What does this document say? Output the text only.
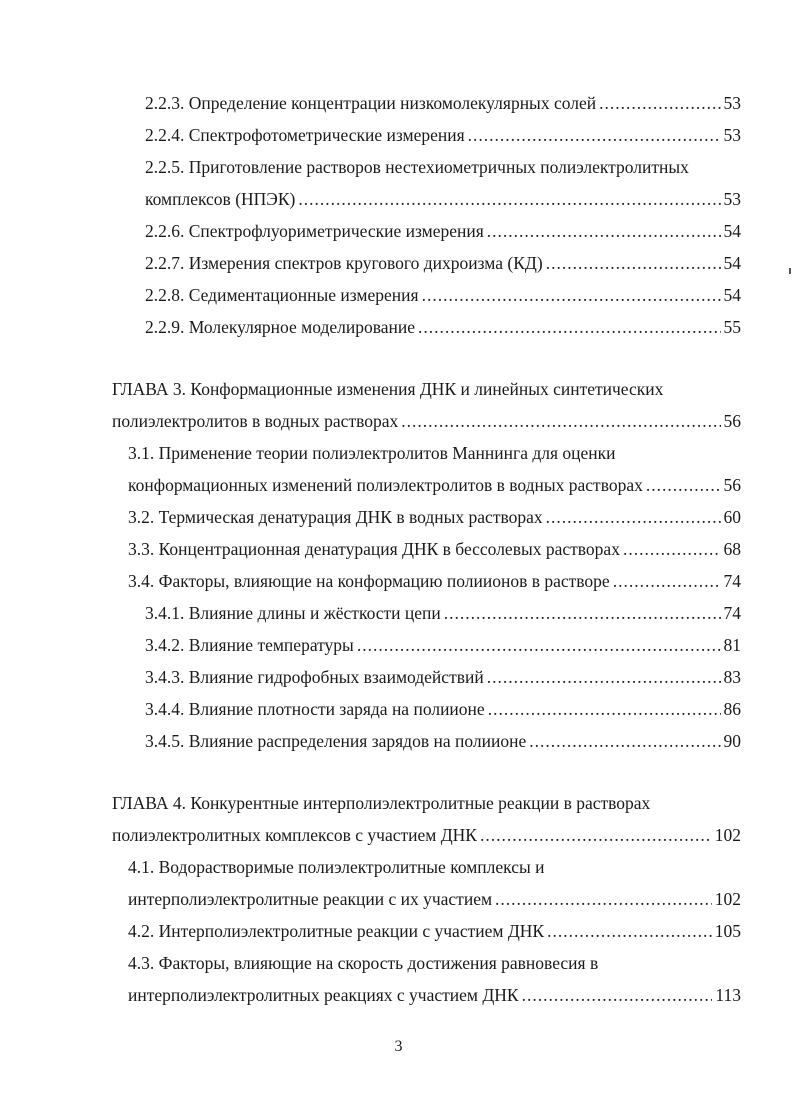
2.2.3. Определение концентрации низкомолекулярных солей .....	53
2.2.4. Спектрофотометрические измерения .....	53
2.2.5. Приготовление растворов нестехиометричных полиэлектролитных
комплексов (НПЭК) .....	53
2.2.6. Спектрофлуориметрические измерения .....	54
2.2.7. Измерения спектров кругового дихроизма (КД) .....	54
2.2.8. Седиментационные измерения .....	54
2.2.9. Молекулярное моделирование .....	55
ГЛАВА 3. Конформационные изменения ДНК и линейных синтетических
полиэлектролитов в водных растворах .....	56
3.1. Применение теории полиэлектролитов Маннинга для оценки
конформационных изменений полиэлектролитов в водных растворах .....	56
3.2. Термическая денатурация ДНК в водных растворах .....	60
3.3. Концентрационная денатурация ДНК в бессолевых растворах .....	68
3.4. Факторы, влияющие на конформацию полиионов в растворе .....	74
3.4.1. Влияние длины и жёсткости цепи .....	74
3.4.2. Влияние температуры .....	81
3.4.3. Влияние гидрофобных взаимодействий .....	83
3.4.4. Влияние плотности заряда на полиионе .....	86
3.4.5. Влияние распределения зарядов на полиионе .....	90
ГЛАВА 4. Конкурентные интерполиэлектролитные реакции в растворах
полиэлектролитных комплексов с участием ДНК .....	102
4.1. Водорастворимые полиэлектролитные комплексы и
интерполиэлектролитные реакции с их участием .....	102
4.2. Интерполиэлектролитные реакции с участием ДНК .....	105
4.3. Факторы, влияющие на скорость достижения равновесия в
интерполиэлектролитных реакциях с участием ДНК .....	113
3
